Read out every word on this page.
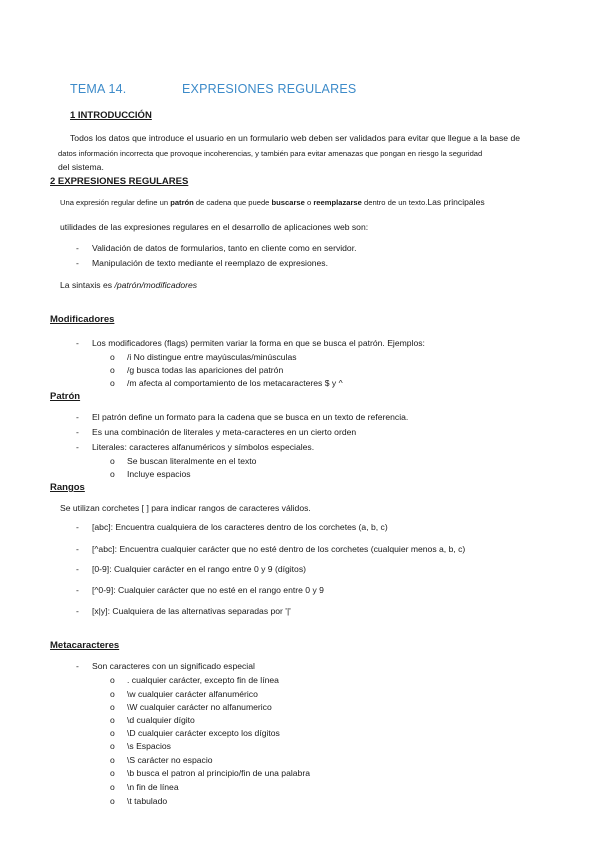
TEMA 14.	EXPRESIONES REGULARES
1 INTRODUCCIÓN
Todos los datos que introduce el usuario en un formulario web deben ser validados para evitar que llegue a la base de
datos información incorrecta que provoque incoherencias, y también para evitar amenazas que pongan en riesgo la seguridad
del sistema.
2 EXPRESIONES REGULARES
Una expresión regular define un patrón de cadena que puede buscarse o reemplazarse dentro de un texto.Las principales
utilidades de las expresiones regulares en el desarrollo de aplicaciones web son:
- Validación de datos de formularios, tanto en cliente como en servidor.
- Manipulación de texto mediante el reemplazo de expresiones.
La sintaxis es /patrón/modificadores
Modificadores
- Los modificadores (flags) permiten variar la forma en que se busca el patrón. Ejemplos:
o /i No distingue entre mayúsculas/minúsculas
o /g busca todas las apariciones del patrón
o /m afecta al comportamiento de los metacaracteres $ y ^
Patrón
- El patrón define un formato para la cadena que se busca en un texto de referencia.
- Es una combinación de literales y meta-caracteres en un cierto orden
- Literales: caracteres alfanuméricos y símbolos especiales.
o Se buscan literalmente en el texto
o Incluye espacios
Rangos
Se utilizan corchetes [ ] para indicar rangos de caracteres válidos.
- [abc]: Encuentra cualquiera de los caracteres dentro de los corchetes (a, b, c)
- [^abc]: Encuentra cualquier carácter que no esté dentro de los corchetes (cualquier menos a, b, c)
- [0-9]: Cualquier carácter en el rango entre 0 y 9 (dígitos)
- [^0-9]: Cualquier carácter que no esté en el rango entre 0 y 9
- [x|y]: Cualquiera de las alternativas separadas por '|'
Metacaracteres
- Son caracteres con un significado especial
o . cualquier carácter, excepto fin de línea
o \w cualquier carácter alfanumérico
o \W cualquier carácter no alfanumerico
o \d cualquier dígito
o \D cualquier carácter excepto los dígitos
o \s Espacios
o \S carácter no espacio
o \b busca el patron al principio/fin de una palabra
o \n fin de línea
o \t tabulado
